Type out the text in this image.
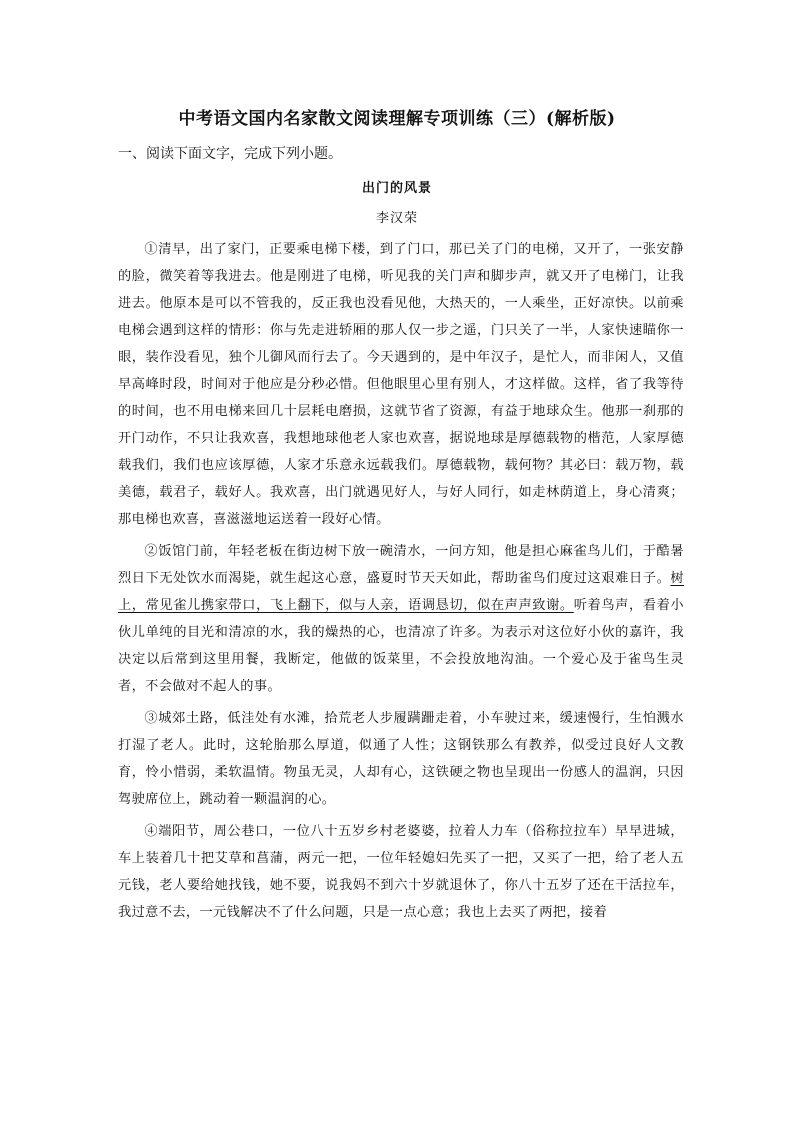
中考语文国内名家散文阅读理解专项训练（三）(解析版)

一、阅读下面文字，完成下列小题。

出门的风景

李汉荣

①清早，出了家门，正要乘电梯下楼，到了门口，那已关了门的电梯，又开了，一张安静的脸，微笑着等我进去。他是刚进了电梯，听见我的关门声和脚步声，就又开了电梯门，让我进去。他原本是可以不管我的，反正我也没看见他，大热天的，一人乘坐，正好凉快。以前乘电梯会遇到这样的情形：你与先走进轿厢的那人仅一步之遥，门只关了一半，人家快速瞄你一眼，装作没看见，独个儿御风而行去了。今天遇到的，是中年汉子，是忙人，而非闲人，又值早高峰时段，时间对于他应是分秒必惜。但他眼里心里有别人，才这样做。这样，省了我等待的时间，也不用电梯来回几十层耗电磨损，这就节省了资源，有益于地球众生。他那一刹那的开门动作，不只让我欢喜，我想地球他老人家也欢喜，据说地球是厚德载物的楷范，人家厚德载我们，我们也应该厚德，人家才乐意永远载我们。厚德载物，载何物？其必曰：载万物，载美德，载君子，载好人。我欢喜，出门就遇见好人，与好人同行，如走林荫道上，身心清爽；那电梯也欢喜，喜滋滋地运送着一段好心情。

②饭馆门前，年轻老板在街边树下放一碗清水，一问方知，他是担心麻雀鸟儿们，于酷暑烈日下无处饮水而渴毙，就生起这心意，盛夏时节天天如此，帮助雀鸟们度过这艰难日子。树上，常见雀儿携家带口，飞上翻下，似与人亲，语调恳切，似在声声致谢。听着鸟声，看着小伙儿单纯的目光和清凉的水，我的燥热的心，也清凉了许多。为表示对这位好小伙的嘉许，我决定以后常到这里用餐，我断定，他做的饭菜里，不会投放地沟油。一个爱心及于雀鸟生灵者，不会做对不起人的事。

③城郊土路，低洼处有水滩，拾荒老人步履蹒跚走着，小车驶过来，缓速慢行，生怕溅水打湿了老人。此时，这轮胎那么厚道，似通了人性；这钢铁那么有教养，似受过良好人文教育，怜小惜弱，柔软温情。物虽无灵，人却有心，这铁硬之物也呈现出一份感人的温润，只因驾驶席位上，跳动着一颗温润的心。

④端阳节，周公巷口，一位八十五岁乡村老婆婆，拉着人力车（俗称拉拉车）早早进城，车上装着几十把艾草和菖蒲，两元一把，一位年轻媳妇先买了一把，又买了一把，给了老人五元钱，老人要给她找钱，她不要，说我妈不到六十岁就退休了，你八十五岁了还在干活拉车，我过意不去，一元钱解决不了什么问题，只是一点心意；我也上去买了两把，接着
